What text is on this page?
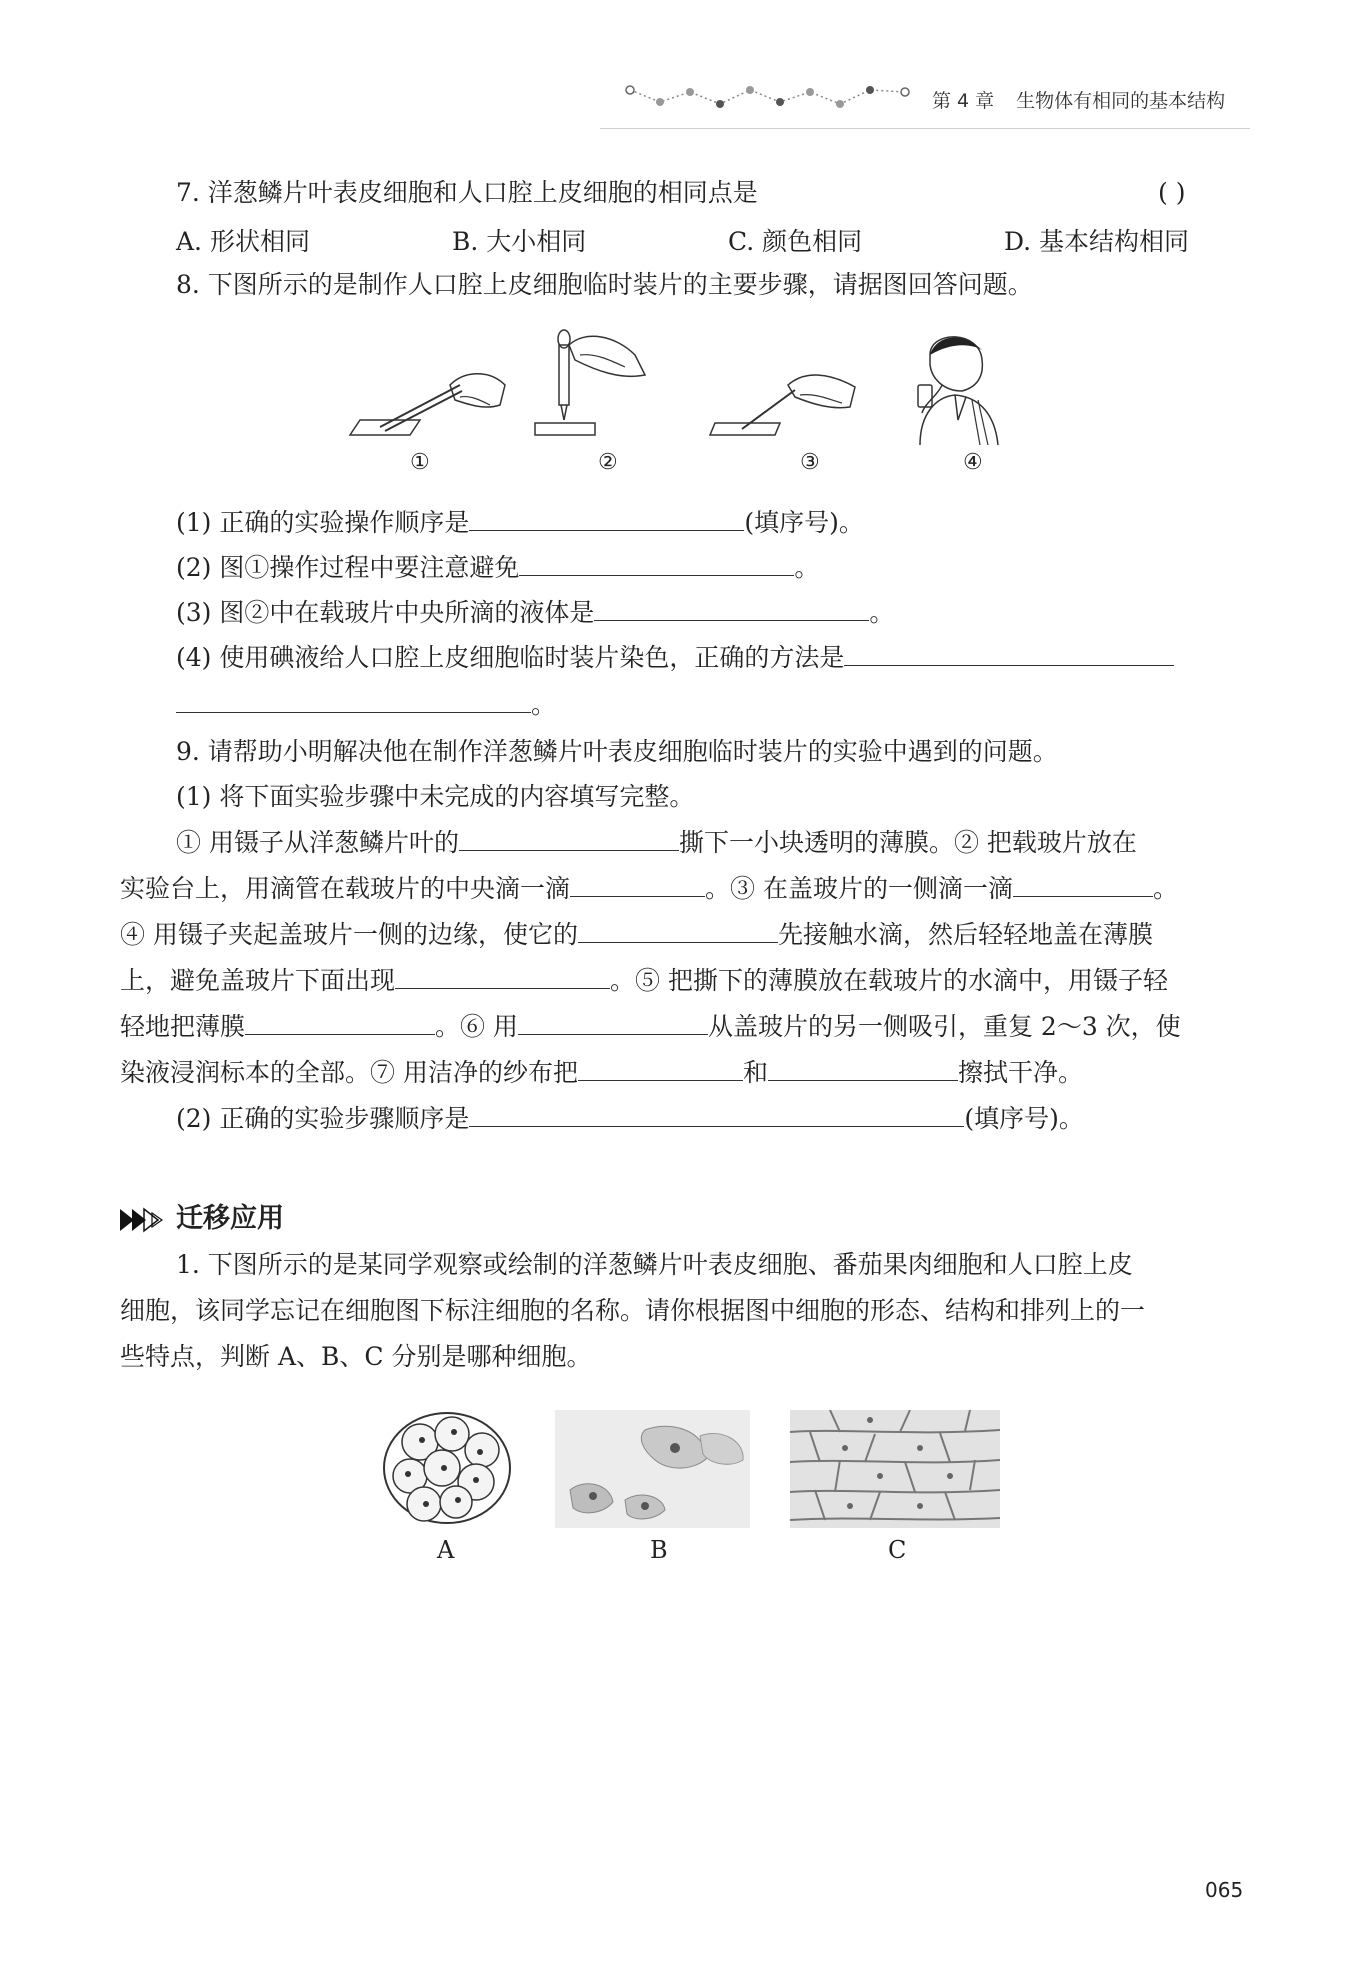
第 4 章 生物体有相同的基本结构
7. 洋葱鳞片叶表皮细胞和人口腔上皮细胞的相同点是	( )
A. 形状相同	B. 大小相同	C. 颜色相同	D. 基本结构相同
8. 下图所示的是制作人口腔上皮细胞临时装片的主要步骤，请据图回答问题。
①	②	③	④
(1) 正确的实验操作顺序是	(填序号)。
(2) 图①操作过程中要注意避免	。
(3) 图②中在载玻片中央所滴的液体是	。
(4) 使用碘液给人口腔上皮细胞临时装片染色，正确的方法是
。
9. 请帮助小明解决他在制作洋葱鳞片叶表皮细胞临时装片的实验中遇到的问题。
(1) 将下面实验步骤中未完成的内容填写完整。
① 用镊子从洋葱鳞片叶的	撕下一小块透明的薄膜。② 把载玻片放在
实验台上，用滴管在载玻片的中央滴一滴	。③ 在盖玻片的一侧滴一滴	。
④ 用镊子夹起盖玻片一侧的边缘，使它的	先接触水滴，然后轻轻地盖在薄膜
上，避免盖玻片下面出现	。⑤ 把撕下的薄膜放在载玻片的水滴中，用镊子轻
轻地把薄膜	。⑥ 用	从盖玻片的另一侧吸引，重复 2～3 次，使
染液浸润标本的全部。⑦ 用洁净的纱布把	和	擦拭干净。
(2) 正确的实验步骤顺序是	(填序号)。
迁移应用
1. 下图所示的是某同学观察或绘制的洋葱鳞片叶表皮细胞、番茄果肉细胞和人口腔上皮
细胞，该同学忘记在细胞图下标注细胞的名称。请你根据图中细胞的形态、结构和排列上的一
些特点，判断 A、B、C 分别是哪种细胞。
A	B	C
065
